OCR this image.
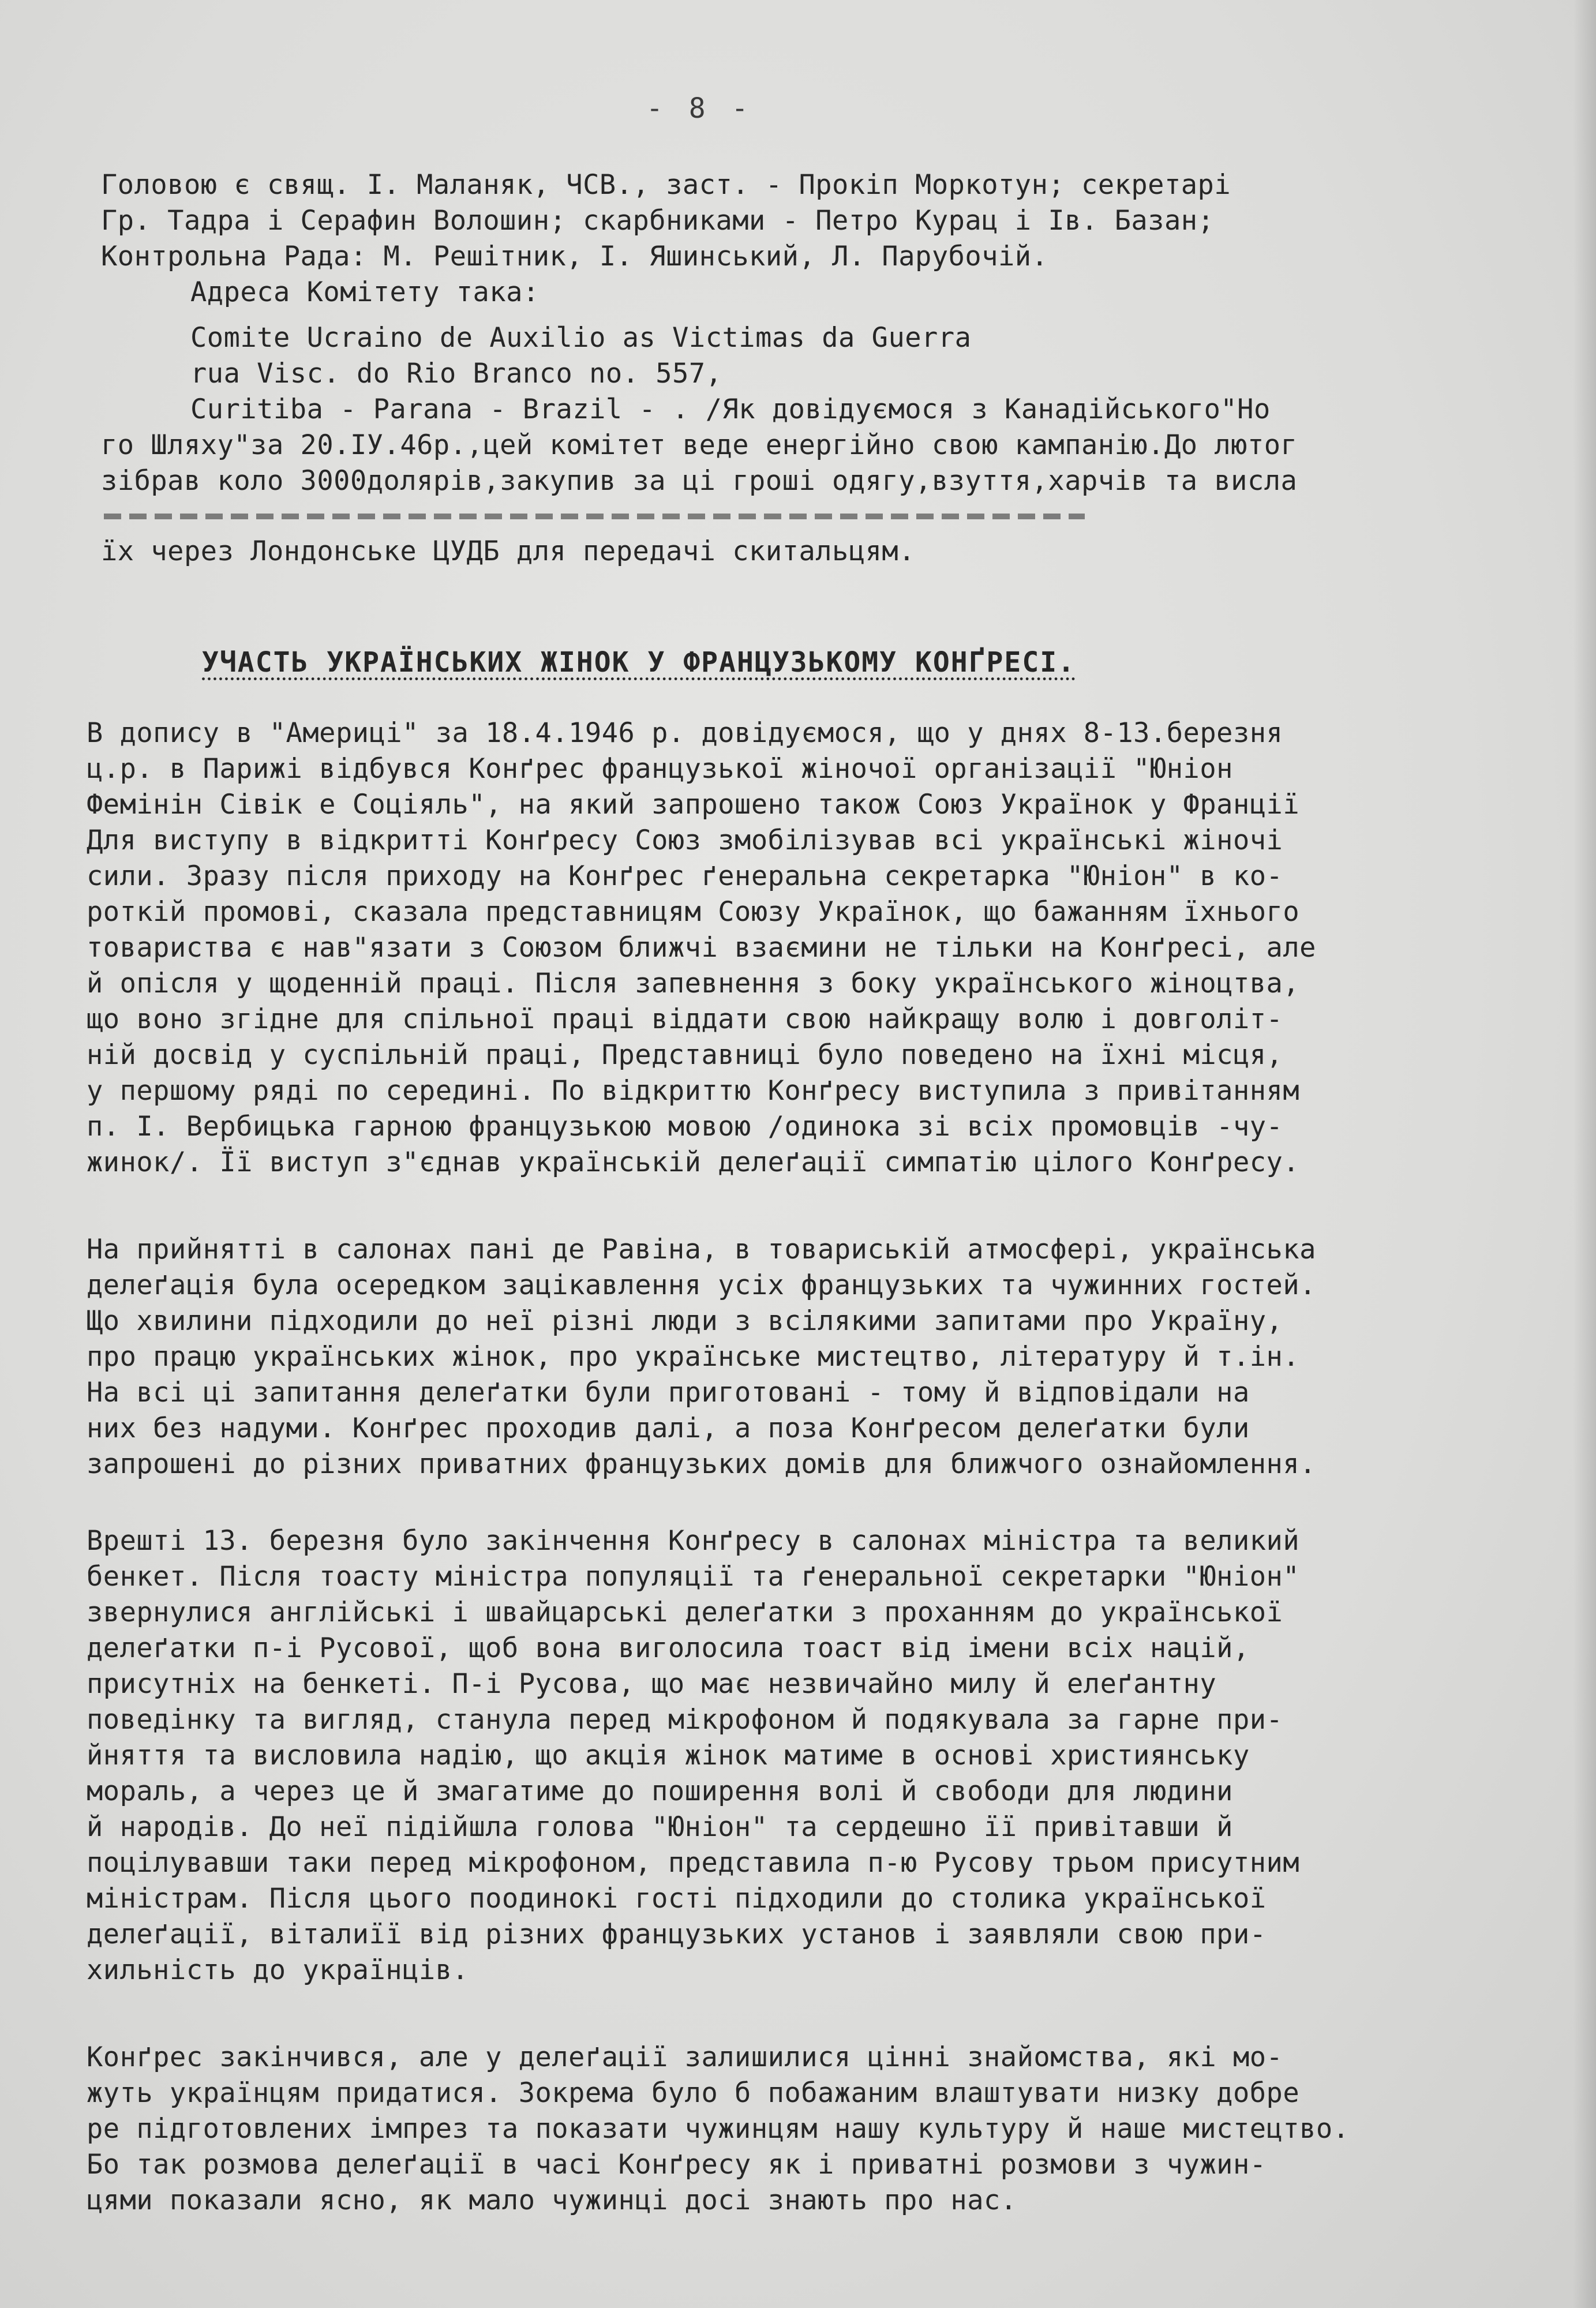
- 8 -
Головою є свящ. І. Маланяк, ЧСВ., заст. - Прокіп Моркотун; секретарі
Гр. Тадра і Серафин Волошин; скарбниками - Петро Курац і Ів. Базан;
Контрольна Рада: М. Решітник, І. Яшинський, Л. Парубочій.
Адреса Комітету така:
Comite Ucraino de Auxilio as Victimas da Guerra
rua Visc. do Rio Branco no. 557,
Curitiba - Parana - Brazil - . /Як довідуємося з Канадійського"Но
го Шляху"за 20.ІУ.46р.,цей комітет веде енергійно свою кампанію.До лютог
зібрав коло 3000долярів,закупив за ці гроші одягу,взуття,харчів та висла
їх через Лондонське ЦУДБ для передачі скитальцям.
УЧАСТЬ УКРАЇНСЬКИХ ЖІНОК У ФРАНЦУЗЬКОМУ КОНҐРЕСІ.
В допису в "Америці" за 18.4.1946 р. довідуємося, що у днях 8-13.березня
ц.р. в Парижі відбувся Конґрес французької жіночої організації "Юніон
Фемінін Сівік е Соціяль", на який запрошено також Союз Українок у Франції
Для виступу в відкритті Конґресу Союз змобілізував всі українські жіночі
сили. Зразу після приходу на Конґрес ґенеральна секретарка "Юніон" в ко-
роткій промові, сказала представницям Союзу Українок, що бажанням їхнього
товариства є нав"язати з Союзом ближчі взаємини не тільки на Конґресі, але
й опісля у щоденній праці. Після запевнення з боку українського жіноцтва,
що воно згідне для спільної праці віддати свою найкращу волю і довголіт-
ній досвід у суспільній праці, Представниці було поведено на їхні місця,
у першому ряді по середині. По відкриттю Конґресу виступила з привітанням
п. І. Вербицька гарною французькою мовою /одинока зі всіх промовців -чу-
жинок/. Її виступ з"єднав українській делеґації симпатію цілого Конґресу.
На прийнятті в салонах пані де Равіна, в товариській атмосфері, українська
делеґація була осередком зацікавлення усіх французьких та чужинних гостей.
Що хвилини підходили до неї різні люди з всілякими запитами про Україну,
про працю українських жінок, про українське мистецтво, літературу й т.ін.
На всі ці запитання делеґатки були приготовані - тому й відповідали на
них без надуми. Конґрес проходив далі, а поза Конґресом делеґатки були
запрошені до різних приватних французьких домів для ближчого ознайомлення.
Врешті 13. березня було закінчення Конґресу в салонах міністра та великий
бенкет. Після тоасту міністра популяції та ґенеральної секретарки "Юніон"
звернулися англійські і швайцарські делеґатки з проханням до української
делеґатки п-і Русової, щоб вона виголосила тоаст від імени всіх націй,
присутніх на бенкеті. П-і Русова, що має незвичайно милу й елеґантну
поведінку та вигляд, станула перед мікрофоном й подякувала за гарне при-
йняття та висловила надію, що акція жінок матиме в основі християнську
мораль, а через це й змагатиме до поширення волі й свободи для людини
й народів. До неї підійшла голова "Юніон" та сердешно її привітавши й
поцілувавши таки перед мікрофоном, представила п-ю Русову трьом присутним
міністрам. Після цього поодинокі гості підходили до столика української
делеґації, віталиїї від різних французьких установ і заявляли свою при-
хильність до українців.
Конґрес закінчився, але у делеґації залишилися цінні знайомства, які мо-
жуть українцям придатися. Зокрема було б побажаним влаштувати низку добре
ре підготовлених імпрез та показати чужинцям нашу культуру й наше мистецтво.
Бо так розмова делеґації в часі Конґресу як і приватні розмови з чужин-
цями показали ясно, як мало чужинці досі знають про нас.
